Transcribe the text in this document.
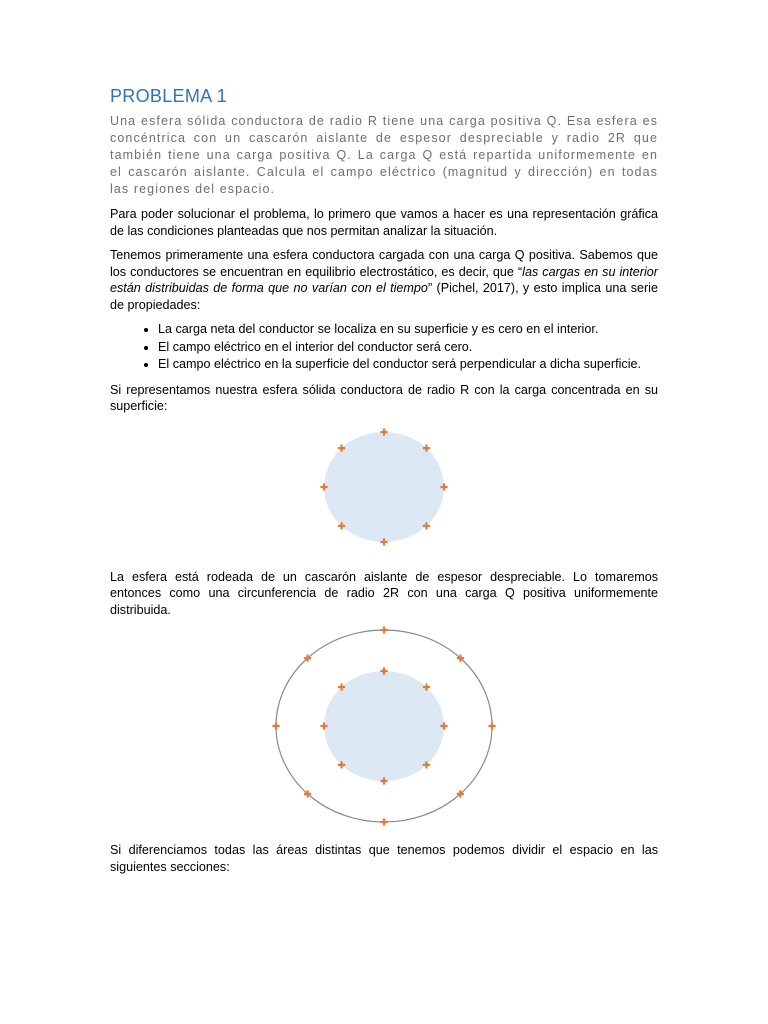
PROBLEMA 1

Una esfera sólida conductora de radio R tiene una carga positiva Q. Esa esfera es concéntrica con un cascarón aislante de espesor despreciable y radio 2R que también tiene una carga positiva Q. La carga Q está repartida uniformemente en el cascarón aislante. Calcula el campo eléctrico (magnitud y dirección) en todas las regiones del espacio.

Para poder solucionar el problema, lo primero que vamos a hacer es una representación gráfica de las condiciones planteadas que nos permitan analizar la situación.

Tenemos primeramente una esfera conductora cargada con una carga Q positiva. Sabemos que los conductores se encuentran en equilibrio electrostático, es decir, que “las cargas en su interior están distribuidas de forma que no varían con el tiempo” (Pichel, 2017), y esto implica una serie de propiedades:

• La carga neta del conductor se localiza en su superficie y es cero en el interior.
• El campo eléctrico en el interior del conductor será cero.
• El campo eléctrico en la superficie del conductor será perpendicular a dicha superficie.

Si representamos nuestra esfera sólida conductora de radio R con la carga concentrada en su superficie:

La esfera está rodeada de un cascarón aislante de espesor despreciable. Lo tomaremos entonces como una circunferencia de radio 2R con una carga Q positiva uniformemente distribuida.

Si diferenciamos todas las áreas distintas que tenemos podemos dividir el espacio en las siguientes secciones:
